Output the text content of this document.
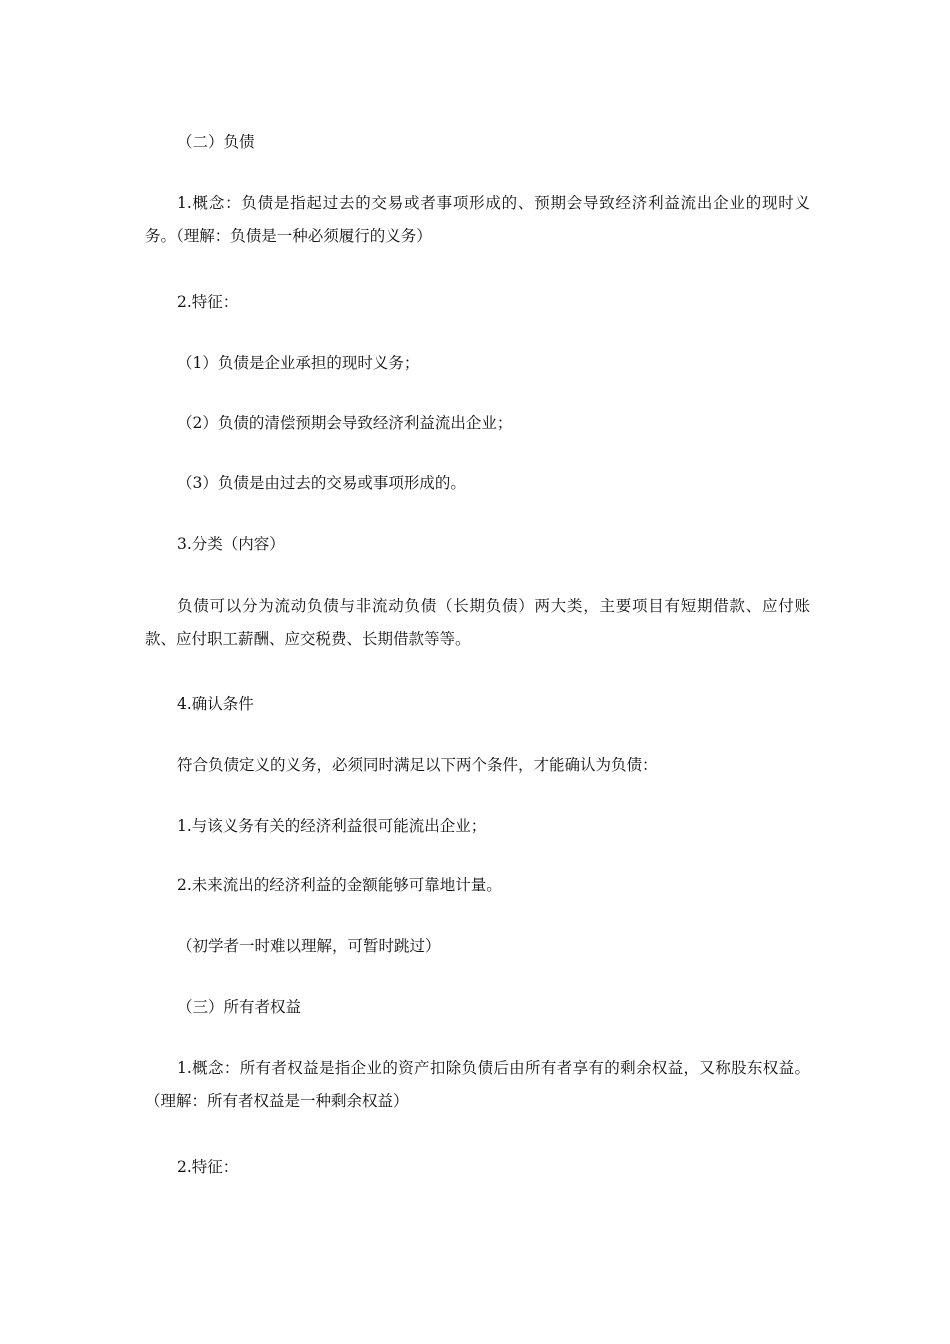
（二）负债

1.概念：负债是指起过去的交易或者事项形成的、预期会导致经济利益流出企业的现时义务。（理解：负债是一种必须履行的义务）

2.特征：

（1）负债是企业承担的现时义务；

（2）负债的清偿预期会导致经济利益流出企业；

（3）负债是由过去的交易或事项形成的。

3.分类（内容）

负债可以分为流动负债与非流动负债（长期负债）两大类，主要项目有短期借款、应付账款、应付职工薪酬、应交税费、长期借款等等。

4.确认条件

符合负债定义的义务，必须同时满足以下两个条件，才能确认为负债：

1.与该义务有关的经济利益很可能流出企业；

2.未来流出的经济利益的金额能够可靠地计量。

（初学者一时难以理解，可暂时跳过）

（三）所有者权益

1.概念：所有者权益是指企业的资产扣除负债后由所有者享有的剩余权益，又称股东权益。（理解：所有者权益是一种剩余权益）

2.特征：
